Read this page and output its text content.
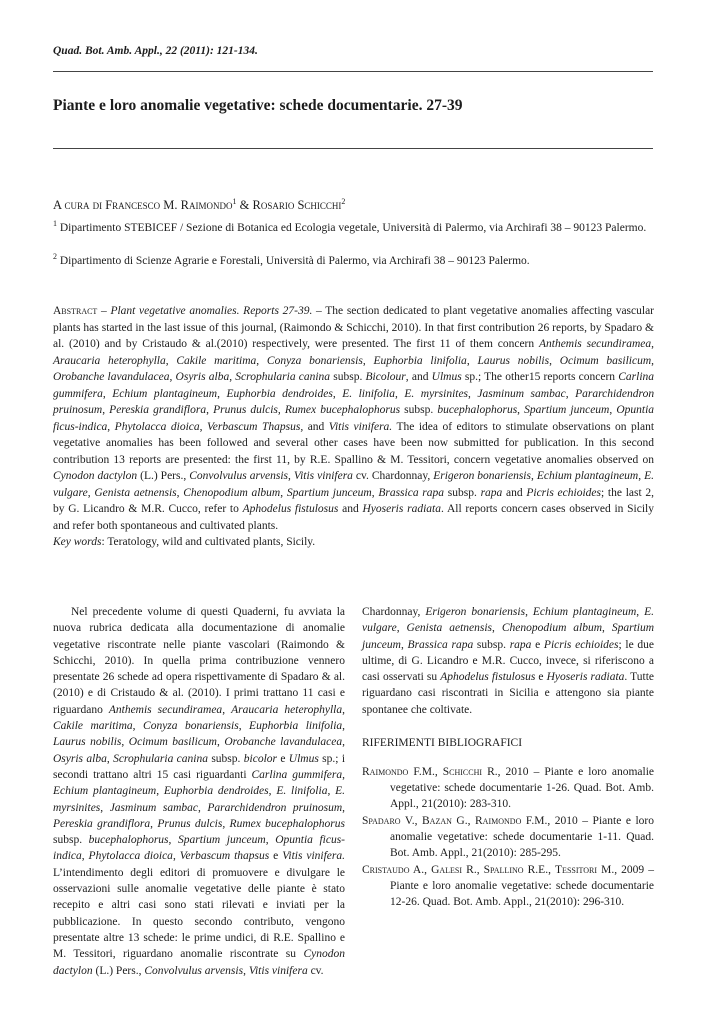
Quad. Bot. Amb. Appl., 22 (2011): 121-134.
Piante e loro anomalie vegetative: schede documentarie. 27-39
A cura di Francesco M. Raimondo$^1$ & Rosario Schicchi$^2$
$^1$ Dipartimento STEBICEF / Sezione di Botanica ed Ecologia vegetale, Università di Palermo, via Archirafi 38 – 90123 Palermo.
$^2$ Dipartimento di Scienze Agrarie e Forestali, Università di Palermo, via Archirafi 38 – 90123 Palermo.

Abstract – Plant vegetative anomalies. Reports 27-39. – The section dedicated to plant vegetative anomalies affecting vascular plants has started in the last issue of this journal, (Raimondo & Schicchi, 2010). In that first contribution 26 reports, by Spadaro & al. (2010) and by Cristaudo & al.(2010) respectively, were presented. The first 11 of them concern Anthemis secundiramea, Araucaria heterophylla, Cakile maritima, Conyza bonariensis, Euphorbia linifolia, Laurus nobilis, Ocimum basilicum, Orobanche lavandulacea, Osyris alba, Scrophularia canina subsp. Bicolour, and Ulmus sp.; The other15 reports concern Carlina gummifera, Echium plantagineum, Euphorbia dendroides, E. linifolia, E. myrsinites, Jasminum sambac, Pararchidendron pruinosum, Pereskia grandiflora, Prunus dulcis, Rumex bucephalophorus subsp. bucephalophorus, Spartium junceum, Opuntia ficus-indica, Phytolacca dioica, Verbascum Thapsus, and Vitis vinifera. The idea of editors to stimulate observations on plant vegetative anomalies has been followed and several other cases have been now submitted for publication. In this second contribution 13 reports are presented: the first 11, by R.E. Spallino & M. Tessitori, concern vegetative anomalies observed on Cynodon dactylon (L.) Pers., Convolvulus arvensis, Vitis vinifera cv. Chardonnay, Erigeron bonariensis, Echium plantagineum, E. vulgare, Genista aetnensis, Chenopodium album, Spartium junceum, Brassica rapa subsp. rapa and Picris echioides; the last 2, by G. Licandro & M.R. Cucco, refer to Aphodelus fistulosus and Hyoseris radiata. All reports concern cases observed in Sicily and refer both spontaneous and cultivated plants.

Key words: Teratology, wild and cultivated plants, Sicily.

Nel precedente volume di questi Quaderni, fu avviata la nuova rubrica dedicata alla documentazione di anomalie vegetative riscontrate nelle piante vascolari (Raimondo & Schicchi, 2010). In quella prima contribuzione vennero presentate 26 schede ad opera rispettivamente di Spadaro & al. (2010) e di Cristaudo & al. (2010). I primi trattano 11 casi e riguardano Anthemis secundiramea, Araucaria heterophylla, Cakile maritima, Conyza bonariensis, Euphorbia linifolia, Laurus nobilis, Ocimum basilicum, Orobanche lavandulacea, Osyris alba, Scrophularia canina subsp. bicolor e Ulmus sp.; i secondi trattano altri 15 casi riguardanti Carlina gummifera, Echium plantagineum, Euphorbia dendroides, E. linifolia, E. myrsinites, Jasminum sambac, Pararchidendron pruinosum, Pereskia grandiflora, Prunus dulcis, Rumex bucephalophorus subsp. bucephalophorus, Spartium junceum, Opuntia ficus-indica, Phytolacca dioica, Verbascum thapsus e Vitis vinifera. L’intendimento degli editori di promuovere e divulgare le osservazioni sulle anomalie vegetative delle piante è stato recepito e altri casi sono stati rilevati e inviati per la pubblicazione. In questo secondo contributo, vengono presentate altre 13 schede: le prime undici, di R.E. Spallino e M. Tessitori, riguardano anomalie riscontrate su Cynodon dactylon (L.) Pers., Convolvulus arvensis, Vitis vinifera cv.

Chardonnay, Erigeron bonariensis, Echium plantagineum, E. vulgare, Genista aetnensis, Chenopodium album, Spartium junceum, Brassica rapa subsp. rapa e Picris echioides; le due ultime, di G. Licandro e M.R. Cucco, invece, si riferiscono a casi osservati su Aphodelus fistulosus e Hyoseris radiata. Tutte riguardano casi riscontrati in Sicilia e attengono sia piante spontanee che coltivate.

RIFERIMENTI BIBLIOGRAFICI

Raimondo F.M., Schicchi R., 2010 – Piante e loro anomalie vegetative: schede documentarie 1-26. Quad. Bot. Amb. Appl., 21(2010): 283-310.

Spadaro V., Bazan G., Raimondo F.M., 2010 – Piante e loro anomalie vegetative: schede documentarie 1-11. Quad. Bot. Amb. Appl., 21(2010): 285-295.

Cristaudo A., Galesi R., Spallino R.E., Tessitori M., 2009 – Piante e loro anomalie vegetative: schede documentarie 12-26. Quad. Bot. Amb. Appl., 21(2010): 296-310.
